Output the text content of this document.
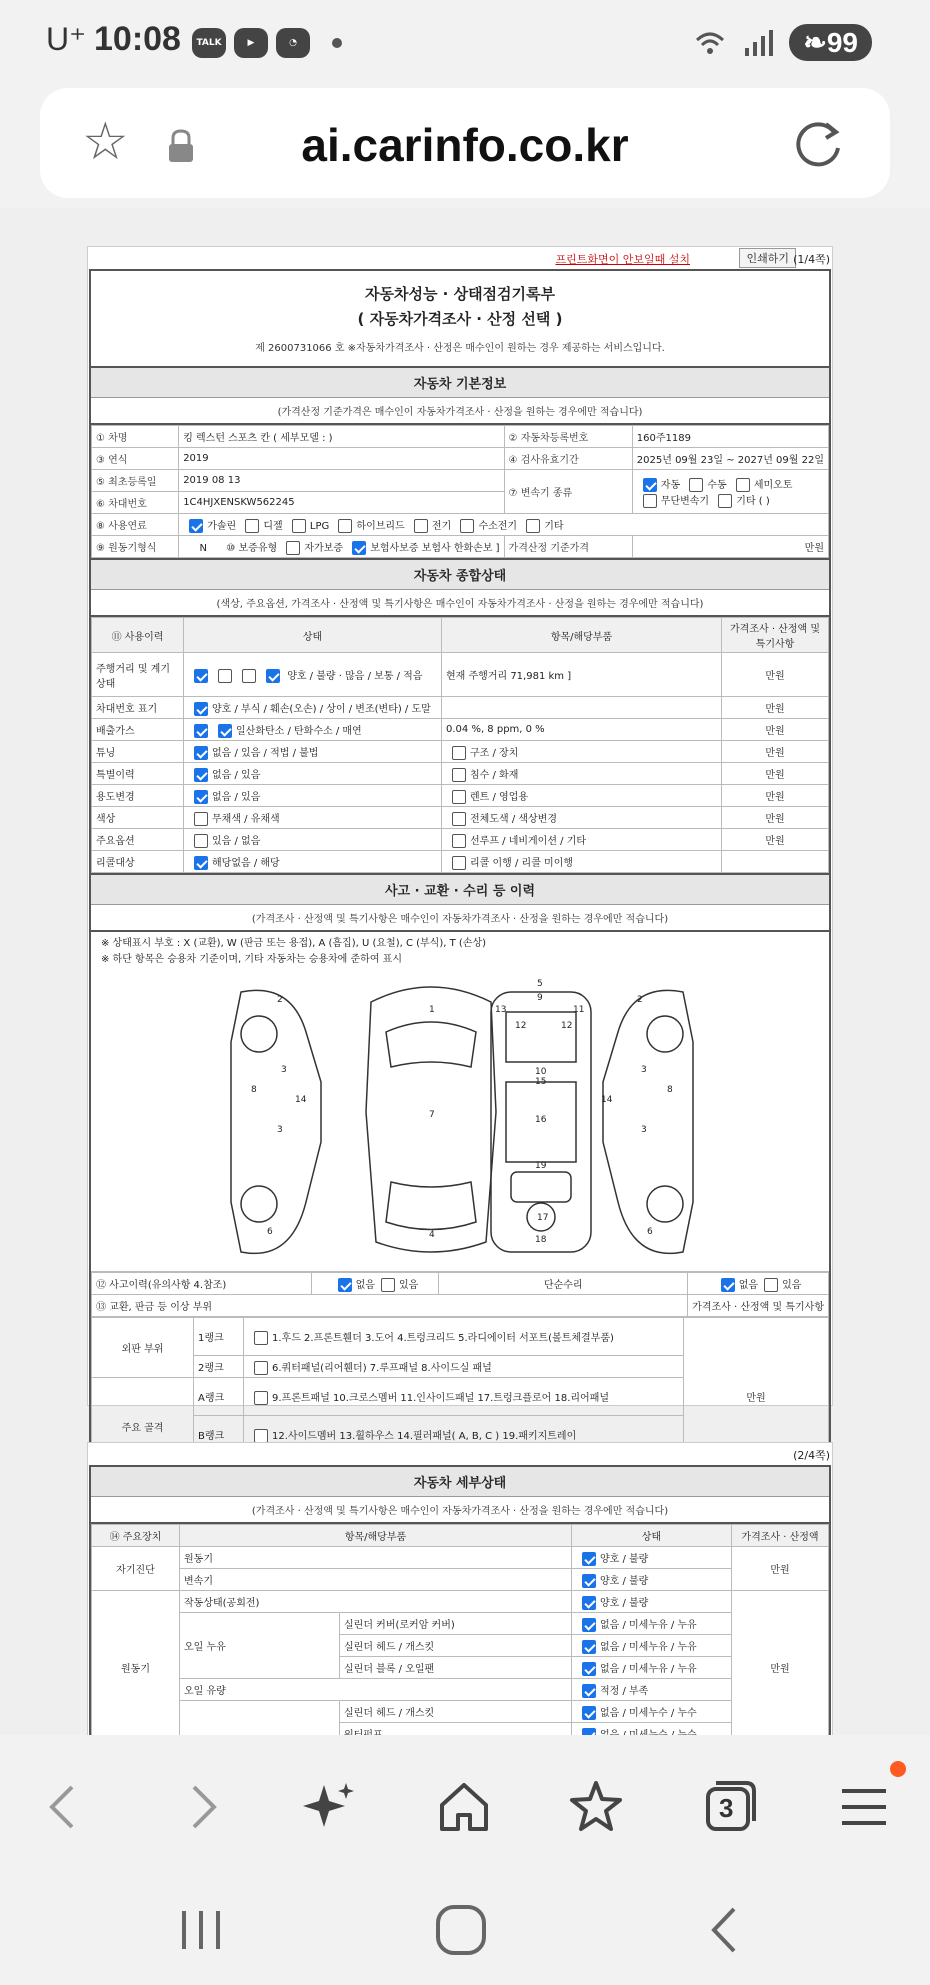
U⁺ 10:08	TALK	▶	◔	❧99
☆	ai.carinfo.co.kr
프린트화면이 안보일때 설치	인쇄하기 (1/4쪽)
자동차성능 · 상태점검기록부
( 자동차가격조사 · 산정 선택 )
제 2600731066 호 ※자동차가격조사 · 산정은 매수인이 원하는 경우 제공하는 서비스입니다.
자동차 기본정보
(가격산정 기준가격은 매수인이 자동차가격조사 · 산정을 원하는 경우에만 적습니다)
① 차명	킹 렉스턴 스포츠 칸 ( 세부모델 : )	② 자동차등록번호	160주1189
③ 연식	2019	④ 검사유효기간	2025년 09월 23일 ~ 2027년 09월 22일
⑤ 최초등록일	2019 08 13	⑦ 변속기 종류	자동 수동 세미오토
무단변속기 기타 ( )
⑥ 차대번호	1C4HJXENSKW562245		
⑧ 사용연료	가솔린 디젤 LPG 하이브리드 전기 수소전기 기타		
⑨ 원동기형식	N ⑩ 보증유형 자가보증 보험사보증 보험사 한화손보 ]	가격산정 기준가격	만원
자동차 종합상태
(색상, 주요옵션, 가격조사 · 산정액 및 특기사항은 매수인이 자동차가격조사 · 산정을 원하는 경우에만 적습니다)
⑪ 사용이력	상태	항목/해당부품	가격조사 · 산정액 및 특기사항
주행거리 및 계기상태	양호 / 불량 · 많음 / 보통 / 적음	현재 주행거리 71,981 km ]	만원
차대번호 표기	양호 / 부식 / 훼손(오손) / 상이 / 변조(변타) / 도말		만원
배출가스	일산화탄소 / 탄화수소 / 매연	0.04 %, 8 ppm, 0 %	만원
튜닝	없음 / 있음 / 적법 / 불법	구조 / 장치	만원
특별이력	없음 / 있음	침수 / 화재	만원
용도변경	없음 / 있음	렌트 / 영업용	만원
색상	무채색 / 유채색	전체도색 / 색상변경	만원
주요옵션	있음 / 없음	선루프 / 네비게이션 / 기타	만원
리콜대상	해당없음 / 해당	리콜 이행 / 리콜 미이행	
사고 · 교환 · 수리 등 이력
(가격조사 · 산정액 및 특기사항은 매수인이 자동차가격조사 · 산정을 원하는 경우에만 적습니다)
※ 상태표시 부호 : X (교환), W (판금 또는 용접), A (흠집), U (요철), C (부식), T (손상)
※ 하단 항목은 승용차 기준이며, 기타 자동차는 승용차에 준하여 표시
2
3
8
14
3
6
1
7
4
5
9
13	11
12	12
10
15
16
19
17
18
2
3
14
8
3
6
⑫ 사고이력(유의사항 4.참조)	없음 있음	단순수리	없음 있음
⑬ 교환, 판금 등 이상 부위			가격조사 · 산정액 및 특기사항
외판 부위	1랭크	1.후드 2.프론트휀더 3.도어 4.트렁크리드 5.라디에이터 서포트(볼트체결부품)	만원
	2랭크	6.쿼터패널(리어휀더) 7.루프패널 8.사이드실 패널	
주요 골격	A랭크	9.프론트패널 10.크로스멤버 11.인사이드패널 17.트렁크플로어 18.리어패널	
	B랭크	12.사이드멤버 13.휠하우스 14.필러패널( A, B, C ) 19.패키지트레이	

(2/4쪽)
자동차 세부상태
(가격조사 · 산정액 및 특기사항은 매수인이 자동차가격조사 · 산정을 원하는 경우에만 적습니다)
⑭ 주요장치	항목/해당부품		상태	가격조사 · 산정액
자기진단	원동기		양호 / 불량	만원
	변속기		양호 / 불량	
원동기	작동상태(공회전)		양호 / 불량	만원
	오일 누유	실린더 커버(로커암 커버)	없음 / 미세누유 / 누유	
		실린더 헤드 / 개스킷	없음 / 미세누유 / 누유	
		실린더 블록 / 오일팬	없음 / 미세누유 / 누유	
	오일 유량		적정 / 부족	
		실린더 헤드 / 개스킷	없음 / 미세누수 / 누수	

3
